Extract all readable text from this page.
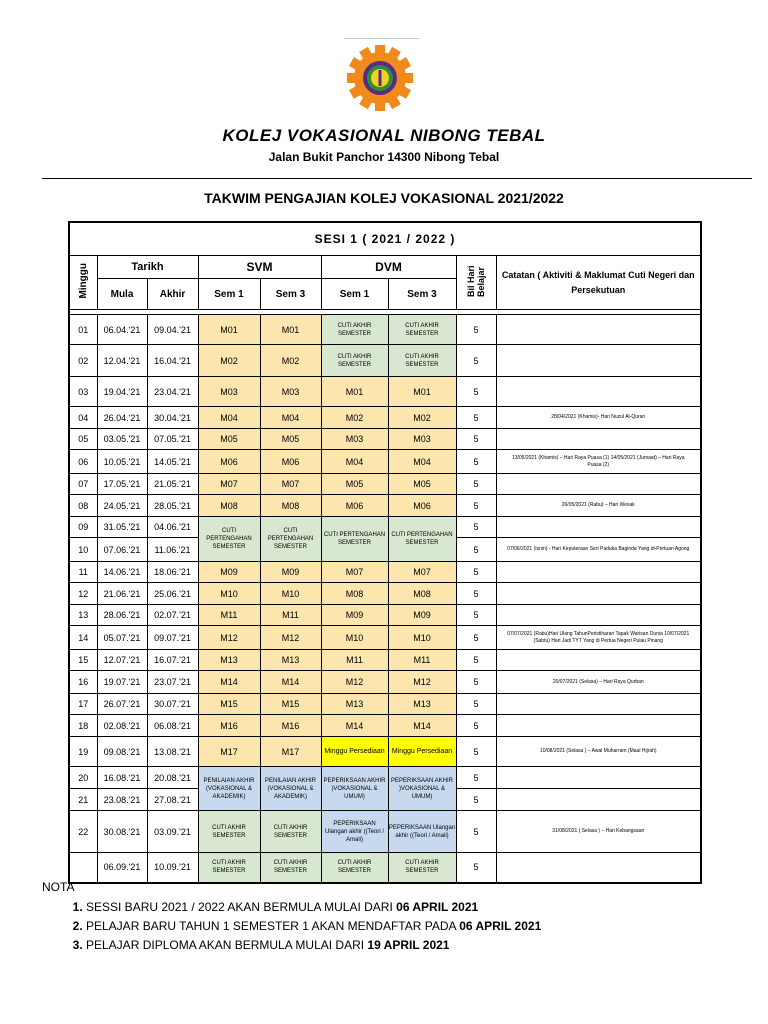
KOLEJ VOKASIONAL NIBONG TEBAL
Jalan Bukit Panchor 14300 Nibong Tebal
TAKWIM PENGAJIAN KOLEJ VOKASIONAL 2021/2022
SESI 1 ( 2021 / 2022 )								
Minggu	Tarikh		SVM		DVM		Bil Hari Belajar	Catatan ( Aktiviti & Maklumat Cuti Negeri dan Persekutuan
	Mula	Akhir	Sem 1	Sem 3	Sem 1	Sem 3		

01	06.04.'21	09.04.'21	M01	M01	CUTI AKHIR SEMESTER	CUTI AKHIR SEMESTER	5	
02	12.04.'21	16.04.'21	M02	M02	CUTI AKHIR SEMESTER	CUTI AKHIR SEMESTER	5	
03	19.04.'21	23.04.'21	M03	M03	M01	M01	5	
04	26.04.'21	30.04.'21	M04	M04	M02	M02	5	28/04/2021 (Khamis)- Hari Nuzul Al-Quran
05	03.05.'21	07.05.'21	M05	M05	M03	M03	5	
06	10.05.'21	14.05.'21	M06	M06	M04	M04	5	13/05/2021 (Khamis) – Hari Raya Puasa (1) 14/05/2021 (Jumaat) – Hari Raya Puasa (2)
07	17.05.'21	21.05.'21	M07	M07	M05	M05	5	
08	24.05.'21	28.05.'21	M08	M08	M06	M06	5	26/05/2021 (Rabu) – Hari Wesak
09	31.05.'21	04.06.'21	CUTI PERTENGAHAN SEMESTER	CUTI PERTENGAHAN SEMESTER	CUTI PERTENGAHAN SEMESTER	CUTI PERTENGAHAN SEMESTER	5	
10	07.06.'21	11.06.'21					5	07/06/2021 (Isnin) - Hari Keputeraan Seri Paduka Baginda Yang di-Pertuan Agong
11	14.06.'21	18.06.'21	M09	M09	M07	M07	5	
12	21.06.'21	25.06.'21	M10	M10	M08	M08	5	
13	28.06.'21	02.07.'21	M11	M11	M09	M09	5	
14	05.07.'21	09.07.'21	M12	M12	M10	M10	5	07/07/2021 (Rabu)Hari Ulang TahunPeristiharan Tapak Warisan Dunia 10/07/2021 (Sabtu) Hari Jadi TYT Yang di Pertua Negeri Pulau Pinang
15	12.07.'21	16.07.'21	M13	M13	M11	M11	5	
16	19.07.'21	23.07.'21	M14	M14	M12	M12	5	20/07/2021 (Selasa) – Hari Raya Qurban
17	26.07.'21	30.07.'21	M15	M15	M13	M13	5	
18	02.08.'21	06.08.'21	M16	M16	M14	M14	5	
19	09.08.'21	13.08.'21	M17	M17	Minggu Persediaan	Minggu Persediaan	5	10/08/2021 (Selasa ) – Awal Muharram (Maal Hijrah)
20	16.08.'21	20.08.'21	PENILAIAN AKHIR (VOKASIONAL & AKADEMIK)	PENILAIAN AKHIR (VOKASIONAL & AKADEMIK)	PEPERIKSAAN AKHIR )VOKASIONAL & UMUM)	PEPERIKSAAN AKHIR )VOKASIONAL & UMUM)	5	
21	23.08.'21	27.08.'21					5	
22	30.08.'21	03.09.'21	CUTI AKHIR SEMESTER	CUTI AKHIR SEMESTER	PEPERIKSAAN Ulangan akhir ((Teori / Amali)	PEPERIKSAAN Ulangan akhir ((Teori / Amali)	5	31/08/2021 ( Selasa ) – Hari Kebangsaan
	06.09.'21	10.09.'21	CUTI AKHIR SEMESTER	CUTI AKHIR SEMESTER	CUTI AKHIR SEMESTER	CUTI AKHIR SEMESTER	5	
NOTA
1. SESSI BARU 2021 / 2022 AKAN BERMULA MULAI DARI 06 APRIL 2021
2. PELAJAR BARU TAHUN 1 SEMESTER 1 AKAN MENDAFTAR PADA 06 APRIL 2021
3. PELAJAR DIPLOMA AKAN BERMULA MULAI DARI 19 APRIL 2021
